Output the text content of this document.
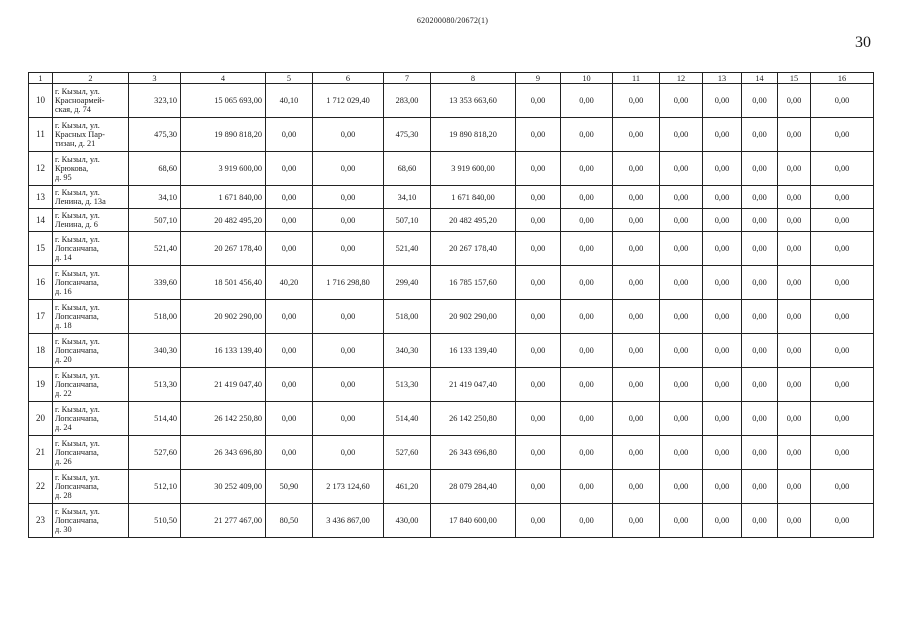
620200080/20672(1)
30
1	2	3	4	5	6	7	8	9	10	11	12	13	14	15	16
10	г. Кызыл, ул.
Красноармей-
ская, д. 74	323,10	15 065 693,00	40,10	1 712 029,40	283,00	13 353 663,60	0,00	0,00	0,00	0,00	0,00	0,00	0,00	0,00
11	г. Кызыл, ул.
Красных Пар-
тизан, д. 21	475,30	19 890 818,20	0,00	0,00	475,30	19 890 818,20	0,00	0,00	0,00	0,00	0,00	0,00	0,00	0,00
12	г. Кызыл, ул.
Крюкова,
д. 95	68,60	3 919 600,00	0,00	0,00	68,60	3 919 600,00	0,00	0,00	0,00	0,00	0,00	0,00	0,00	0,00
13	г. Кызыл, ул.
Ленина, д. 13а	34,10	1 671 840,00	0,00	0,00	34,10	1 671 840,00	0,00	0,00	0,00	0,00	0,00	0,00	0,00	0,00
14	г. Кызыл, ул.
Ленина, д. 6	507,10	20 482 495,20	0,00	0,00	507,10	20 482 495,20	0,00	0,00	0,00	0,00	0,00	0,00	0,00	0,00
15	г. Кызыл, ул.
Лопсанчапа,
д. 14	521,40	20 267 178,40	0,00	0,00	521,40	20 267 178,40	0,00	0,00	0,00	0,00	0,00	0,00	0,00	0,00
16	г. Кызыл, ул.
Лопсанчапа,
д. 16	339,60	18 501 456,40	40,20	1 716 298,80	299,40	16 785 157,60	0,00	0,00	0,00	0,00	0,00	0,00	0,00	0,00
17	г. Кызыл, ул.
Лопсанчапа,
д. 18	518,00	20 902 290,00	0,00	0,00	518,00	20 902 290,00	0,00	0,00	0,00	0,00	0,00	0,00	0,00	0,00
18	г. Кызыл, ул.
Лопсанчапа,
д. 20	340,30	16 133 139,40	0,00	0,00	340,30	16 133 139,40	0,00	0,00	0,00	0,00	0,00	0,00	0,00	0,00
19	г. Кызыл, ул.
Лопсанчапа,
д. 22	513,30	21 419 047,40	0,00	0,00	513,30	21 419 047,40	0,00	0,00	0,00	0,00	0,00	0,00	0,00	0,00
20	г. Кызыл, ул.
Лопсанчапа,
д. 24	514,40	26 142 250,80	0,00	0,00	514,40	26 142 250,80	0,00	0,00	0,00	0,00	0,00	0,00	0,00	0,00
21	г. Кызыл, ул.
Лопсанчапа,
д. 26	527,60	26 343 696,80	0,00	0,00	527,60	26 343 696,80	0,00	0,00	0,00	0,00	0,00	0,00	0,00	0,00
22	г. Кызыл, ул.
Лопсанчапа,
д. 28	512,10	30 252 409,00	50,90	2 173 124,60	461,20	28 079 284,40	0,00	0,00	0,00	0,00	0,00	0,00	0,00	0,00
23	г. Кызыл, ул.
Лопсанчапа,
д. 30	510,50	21 277 467,00	80,50	3 436 867,00	430,00	17 840 600,00	0,00	0,00	0,00	0,00	0,00	0,00	0,00	0,00
